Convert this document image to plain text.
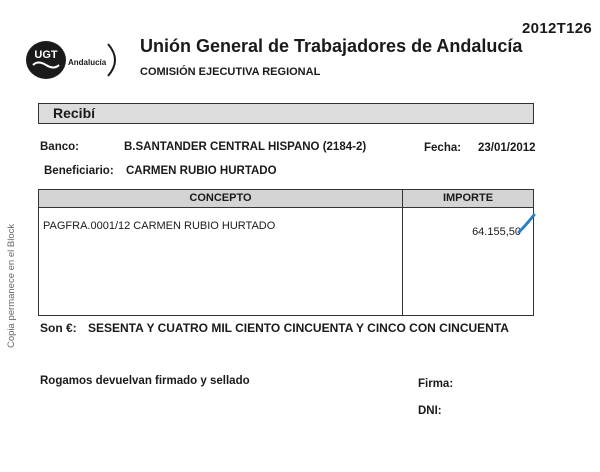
2012T126
UGT
Andalucía
Unión General de Trabajadores de Andalucía
COMISIÓN EJECUTIVA REGIONAL
Recibí
Banco:	B.SANTANDER CENTRAL HISPANO (2184-2)	Fecha: 23/01/2012
Beneficiario: CARMEN RUBIO HURTADO
CONCEPTO	IMPORTE
PAGFRA.0001/12 CARMEN RUBIO HURTADO	64.155,50
Copia permanece en el Block Son €: SESENTA Y CUATRO MIL CIENTO CINCUENTA Y CINCO CON CINCUENTA
Rogamos devuelvan firmado y sellado	Firma:
DNI:
